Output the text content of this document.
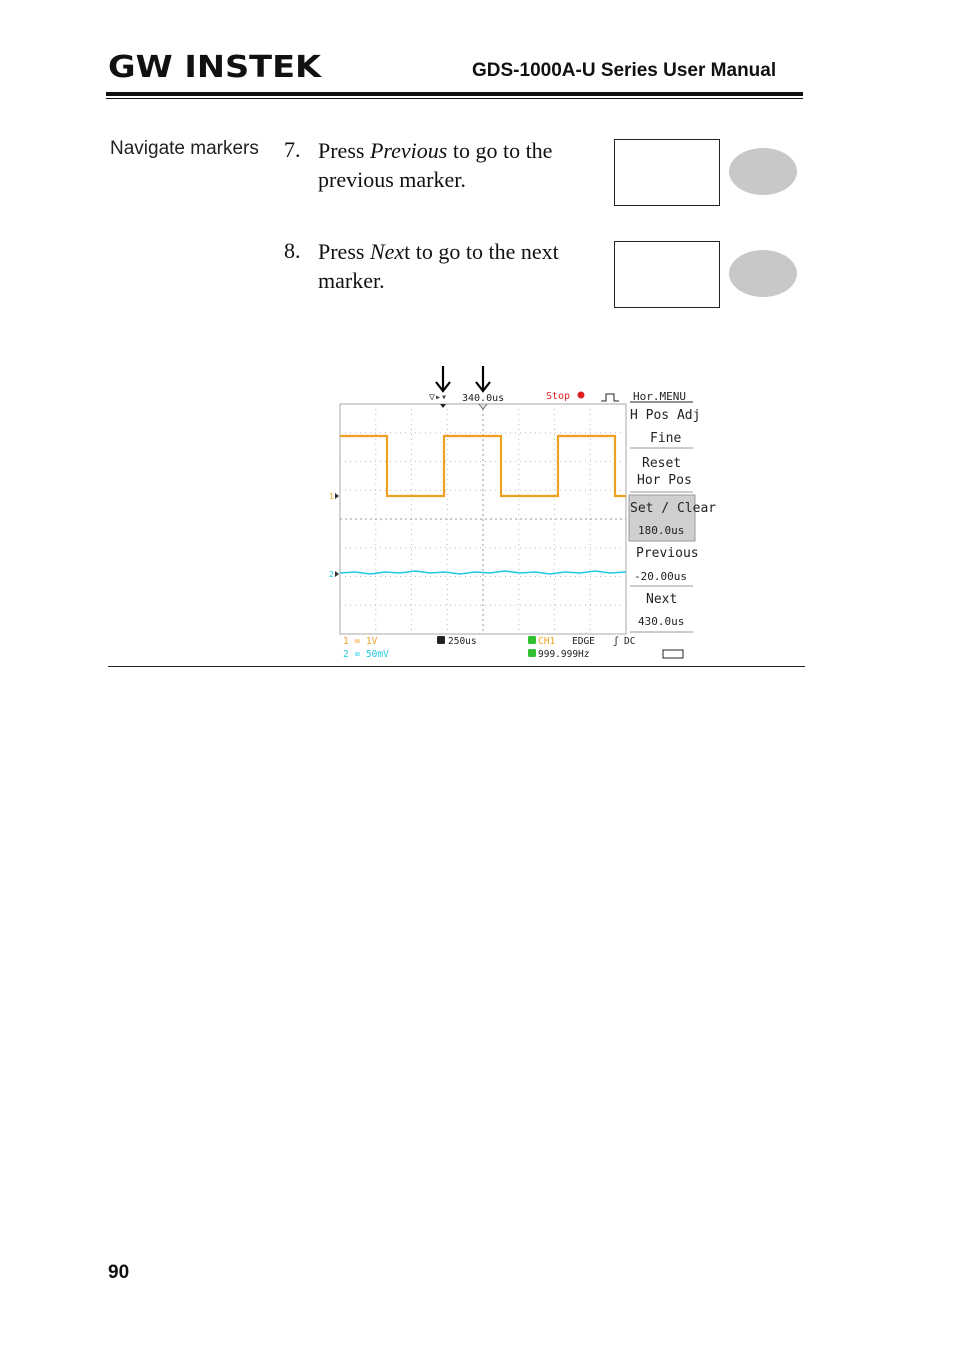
GW INSTEK	GDS-1000A-U Series User Manual
Navigate markers 7. Press Previous to go to the previous marker.
8. Press Next to go to the next marker.
▽▸▾ 340.0us	Stop	Hor.MENU
1
2
H Pos Adj
Fine
Reset
Hor Pos
Set / Clear
180.0us
Previous
-20.00us
Next
430.0us
1 = 1V
2 = 50mV
250us	CH1 EDGE ʃ DC
999.999Hz
90
